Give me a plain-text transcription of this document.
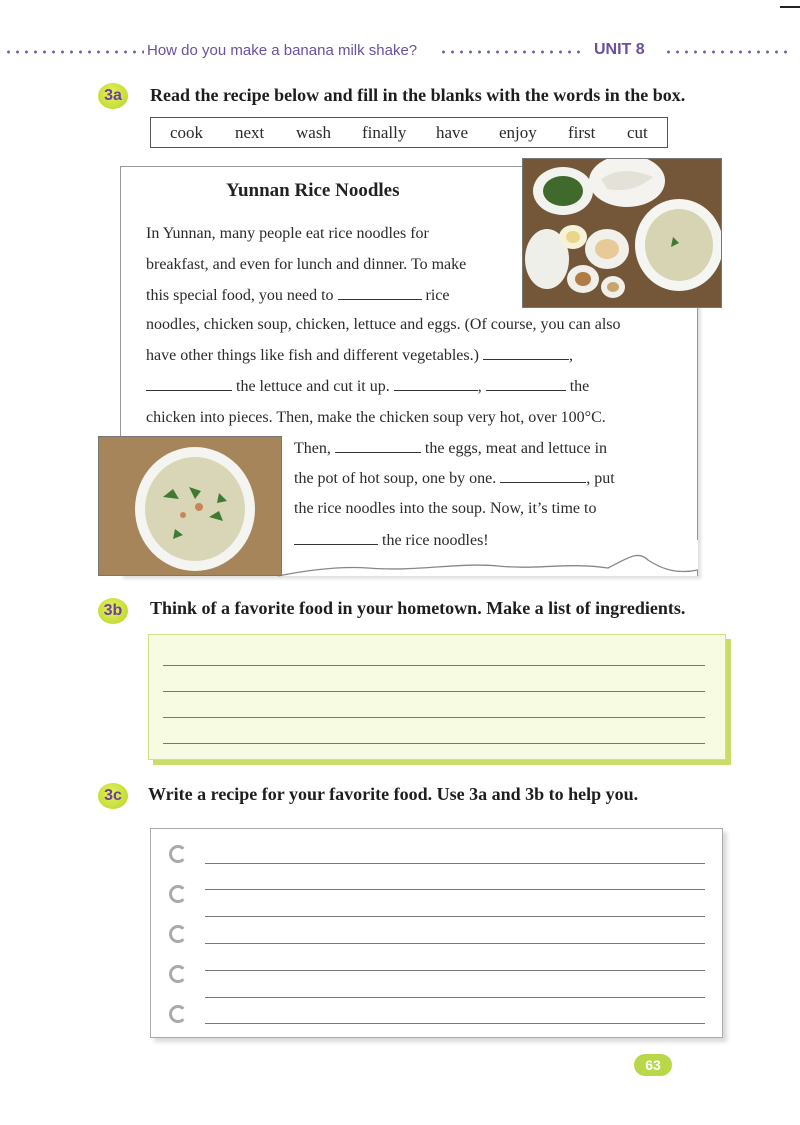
How do you make a banana milk shake?	UNIT 8
3a	Read the recipe below and fill in the blanks with the words in the box.
cook next wash finally have enjoy first cut
Yunnan Rice Noodles
In Yunnan, many people eat rice noodles for
breakfast, and even for lunch and dinner. To make
this special food, you need to	rice
noodles, chicken soup, chicken, lettuce and eggs. (Of course, you can also
have other things like fish and different vegetables.)	,
the lettuce and cut it up.	,	the
chicken into pieces. Then, make the chicken soup very hot, over 100°C.
Then,	the eggs, meat and lettuce in
the pot of hot soup, one by one.	, put
the rice noodles into the soup. Now, it’s time to
the rice noodles!
3b	Think of a favorite food in your hometown. Make a list of ingredients.
3c	Write a recipe for your favorite food. Use 3a and 3b to help you.
63
